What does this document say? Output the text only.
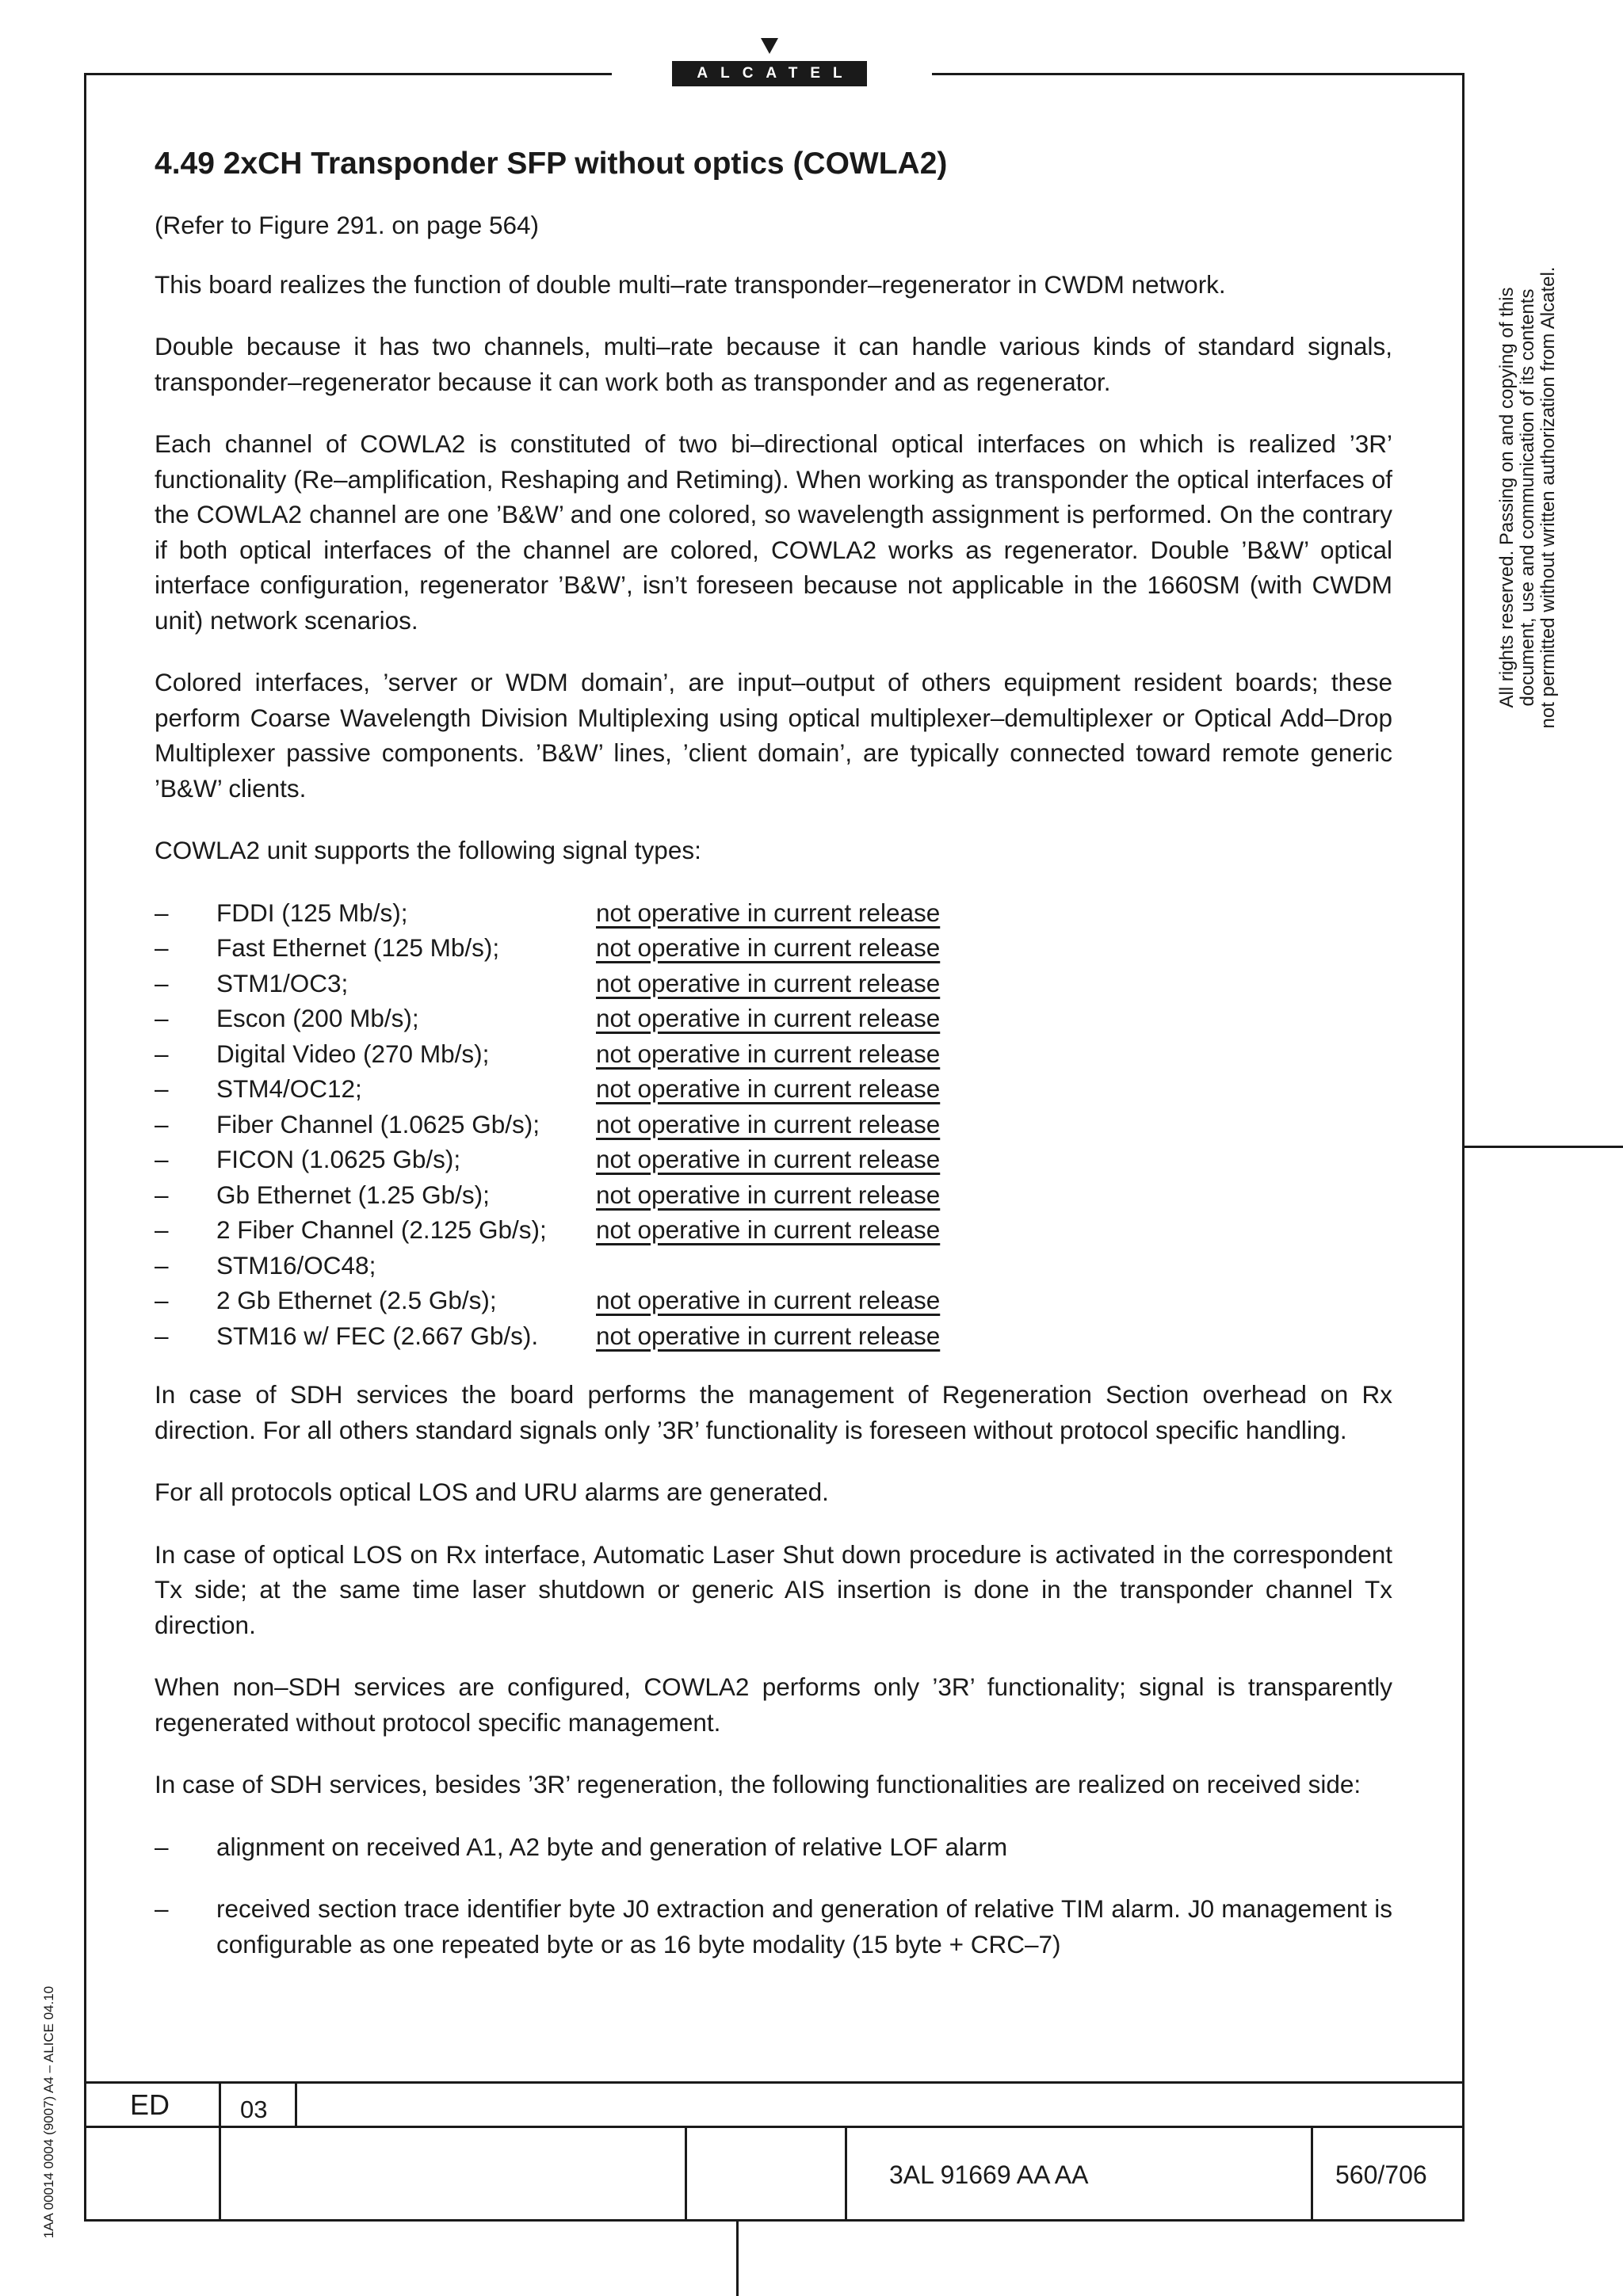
ALCATEL
4.49 2xCH Transponder SFP without optics (COWLA2)

(Refer to Figure 291. on page 564)

This board realizes the function of double multi–rate transponder–regenerator in CWDM network.

Double because it has two channels, multi–rate because it can handle various kinds of standard signals, transponder–regenerator because it can work both as transponder and as regenerator.

Each channel of COWLA2 is constituted of two bi–directional optical interfaces on which is realized ’3R’ functionality (Re–amplification, Reshaping and Retiming). When working as transponder the optical interfaces of the COWLA2 channel are one ’B&W’ and one colored, so wavelength assignment is performed. On the contrary if both optical interfaces of the channel are colored, COWLA2 works as regenerator. Double ’B&W’ optical interface configuration, regenerator ’B&W’, isn’t foreseen because not applicable in the 1660SM (with CWDM unit) network scenarios.

Colored interfaces, ’server or WDM domain’, are input–output of others equipment resident boards; these perform Coarse Wavelength Division Multiplexing using optical multiplexer–demultiplexer or Optical Add–Drop Multiplexer passive components. ’B&W’ lines, ’client domain’, are typically connected toward remote generic ’B&W’ clients.

COWLA2 unit supports the following signal types:

– FDDI (125 Mb/s);	not operative in current release
– Fast Ethernet (125 Mb/s);	not operative in current release
– STM1/OC3;	not operative in current release
– Escon (200 Mb/s);	not operative in current release
– Digital Video (270 Mb/s);	not operative in current release
– STM4/OC12;	not operative in current release
– Fiber Channel (1.0625 Gb/s); not operative in current release
– FICON (1.0625 Gb/s);	not operative in current release
– Gb Ethernet (1.25 Gb/s);	not operative in current release
– 2 Fiber Channel (2.125 Gb/s); not operative in current release
– STM16/OC48;
– 2 Gb Ethernet (2.5 Gb/s);	not operative in current release
– STM16 w/ FEC (2.667 Gb/s). not operative in current release

In case of SDH services the board performs the management of Regeneration Section overhead on Rx direction. For all others standard signals only ’3R’ functionality is foreseen without protocol specific handling.

For all protocols optical LOS and URU alarms are generated.

In case of optical LOS on Rx interface, Automatic Laser Shut down procedure is activated in the correspondent Tx side; at the same time laser shutdown or generic AIS insertion is done in the transponder channel Tx direction.

When non–SDH services are configured, COWLA2 performs only ’3R’ functionality; signal is transparently regenerated without protocol specific management.

In case of SDH services, besides ’3R’ regeneration, the following functionalities are realized on received side:

– alignment on received A1, A2 byte and generation of relative LOF alarm
– received section trace identifier byte J0 extraction and generation of relative TIM alarm. J0 management is configurable as one repeated byte or as 16 byte modality (15 byte + CRC–7)
All rights reserved. Passing on and copying of this document, use and communication of its contents not permitted without written authorization from Alcatel.
1AA 00014 0004 (9007) A4 – ALICE 04.10	ED	03
3AL 91669 AA AA	560/706
